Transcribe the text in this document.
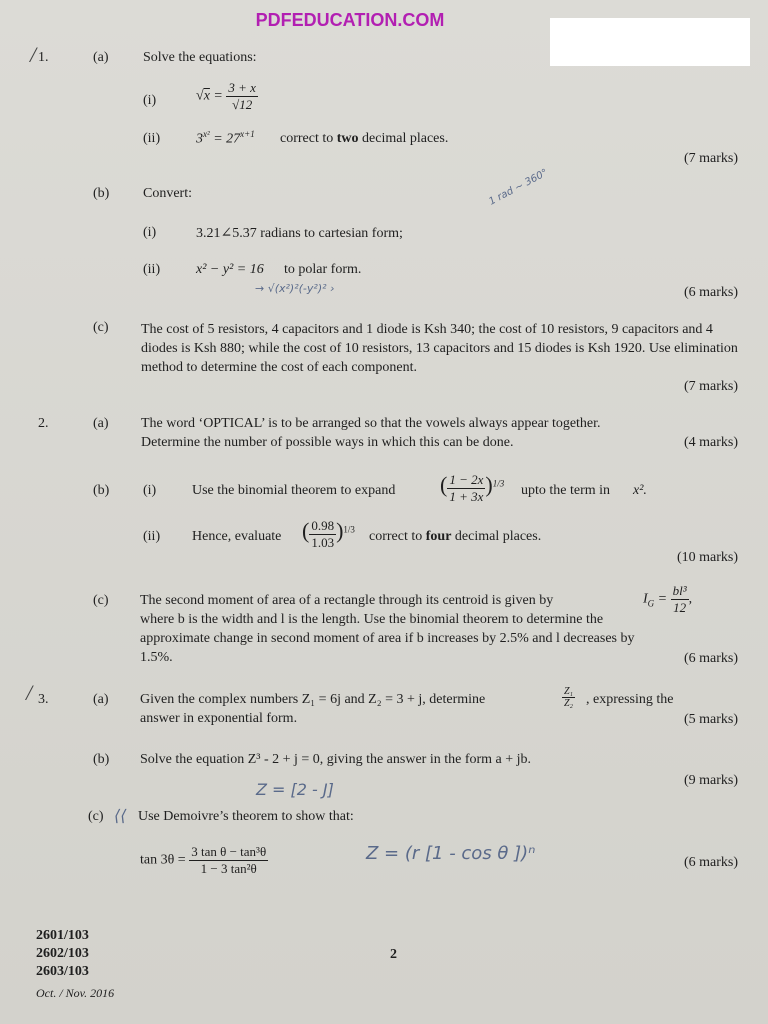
PDFEDUCATION.COM
/ 1.	(a) Solve the equations:
(i)	$√x = \frac{3 + x}{√12}$
(ii)	$3^{x^2} = 27^{x+1}$ correct to two decimal places.
(7 marks)
(b) Convert:	1 rad ~ 360°
(i)	3.21∠5.37 radians to cartesian form;
(ii)	x² − y² = 16 to polar form.
→ √(x²)²(-y²)² ›	(6 marks)
(c) The cost of 5 resistors, 4 capacitors and 1 diode is Ksh 340; the cost of 10 resistors, 9 capacitors and 4 diodes is Ksh 880; while the cost of 10 resistors, 13 capacitors and 15 diodes is Ksh 1920. Use elimination method to determine the cost of each component.
(7 marks)
2.	(a) The word ‘OPTICAL’ is to be arranged so that the vowels always appear together.
Determine the number of possible ways in which this can be done.	(4 marks)
(b) (i)	Use the binomial theorem to expand ( $\frac{1 - 2x}{1 + 3x} )^{1/3}$ upto the term in x².
(ii) Hence, evaluate ( $\frac{0.98}{1.03} )^{1/3}$ correct to four decimal places.
(10 marks)
(c) The second moment of area of a rectangle through its centroid is given by	$I_G = \frac{\text{bl³}}{12}$ ,
where b is the width and l is the length. Use the binomial theorem to determine the
approximate change in second moment of area if b increases by 2.5% and l decreases by
1.5%.	(6 marks)
/ 3.	(a) Given the complex numbers Z₁ = 6j and Z₂ = 3 + j, determine	$\frac{\text{Z₁}}{\text{Z₂}}$ , expressing the
answer in exponential form.	(5 marks)
(b) Solve the equation Z³ - 2 + j = 0, giving the answer in the form a + jb.
(9 marks)
Z = [2 - J]
(c) ⟨⟨ Use Demoivre’s theorem to show that:
$\tan 3\theta = \frac{\text{3 tan θ − tan³θ}}{\text{1 − 3 tan²θ}}$	Z = (r [1 - cos θ ])ⁿ	(6 marks)
2601/103
2602/103
2603/103
Oct. / Nov. 2016
2
